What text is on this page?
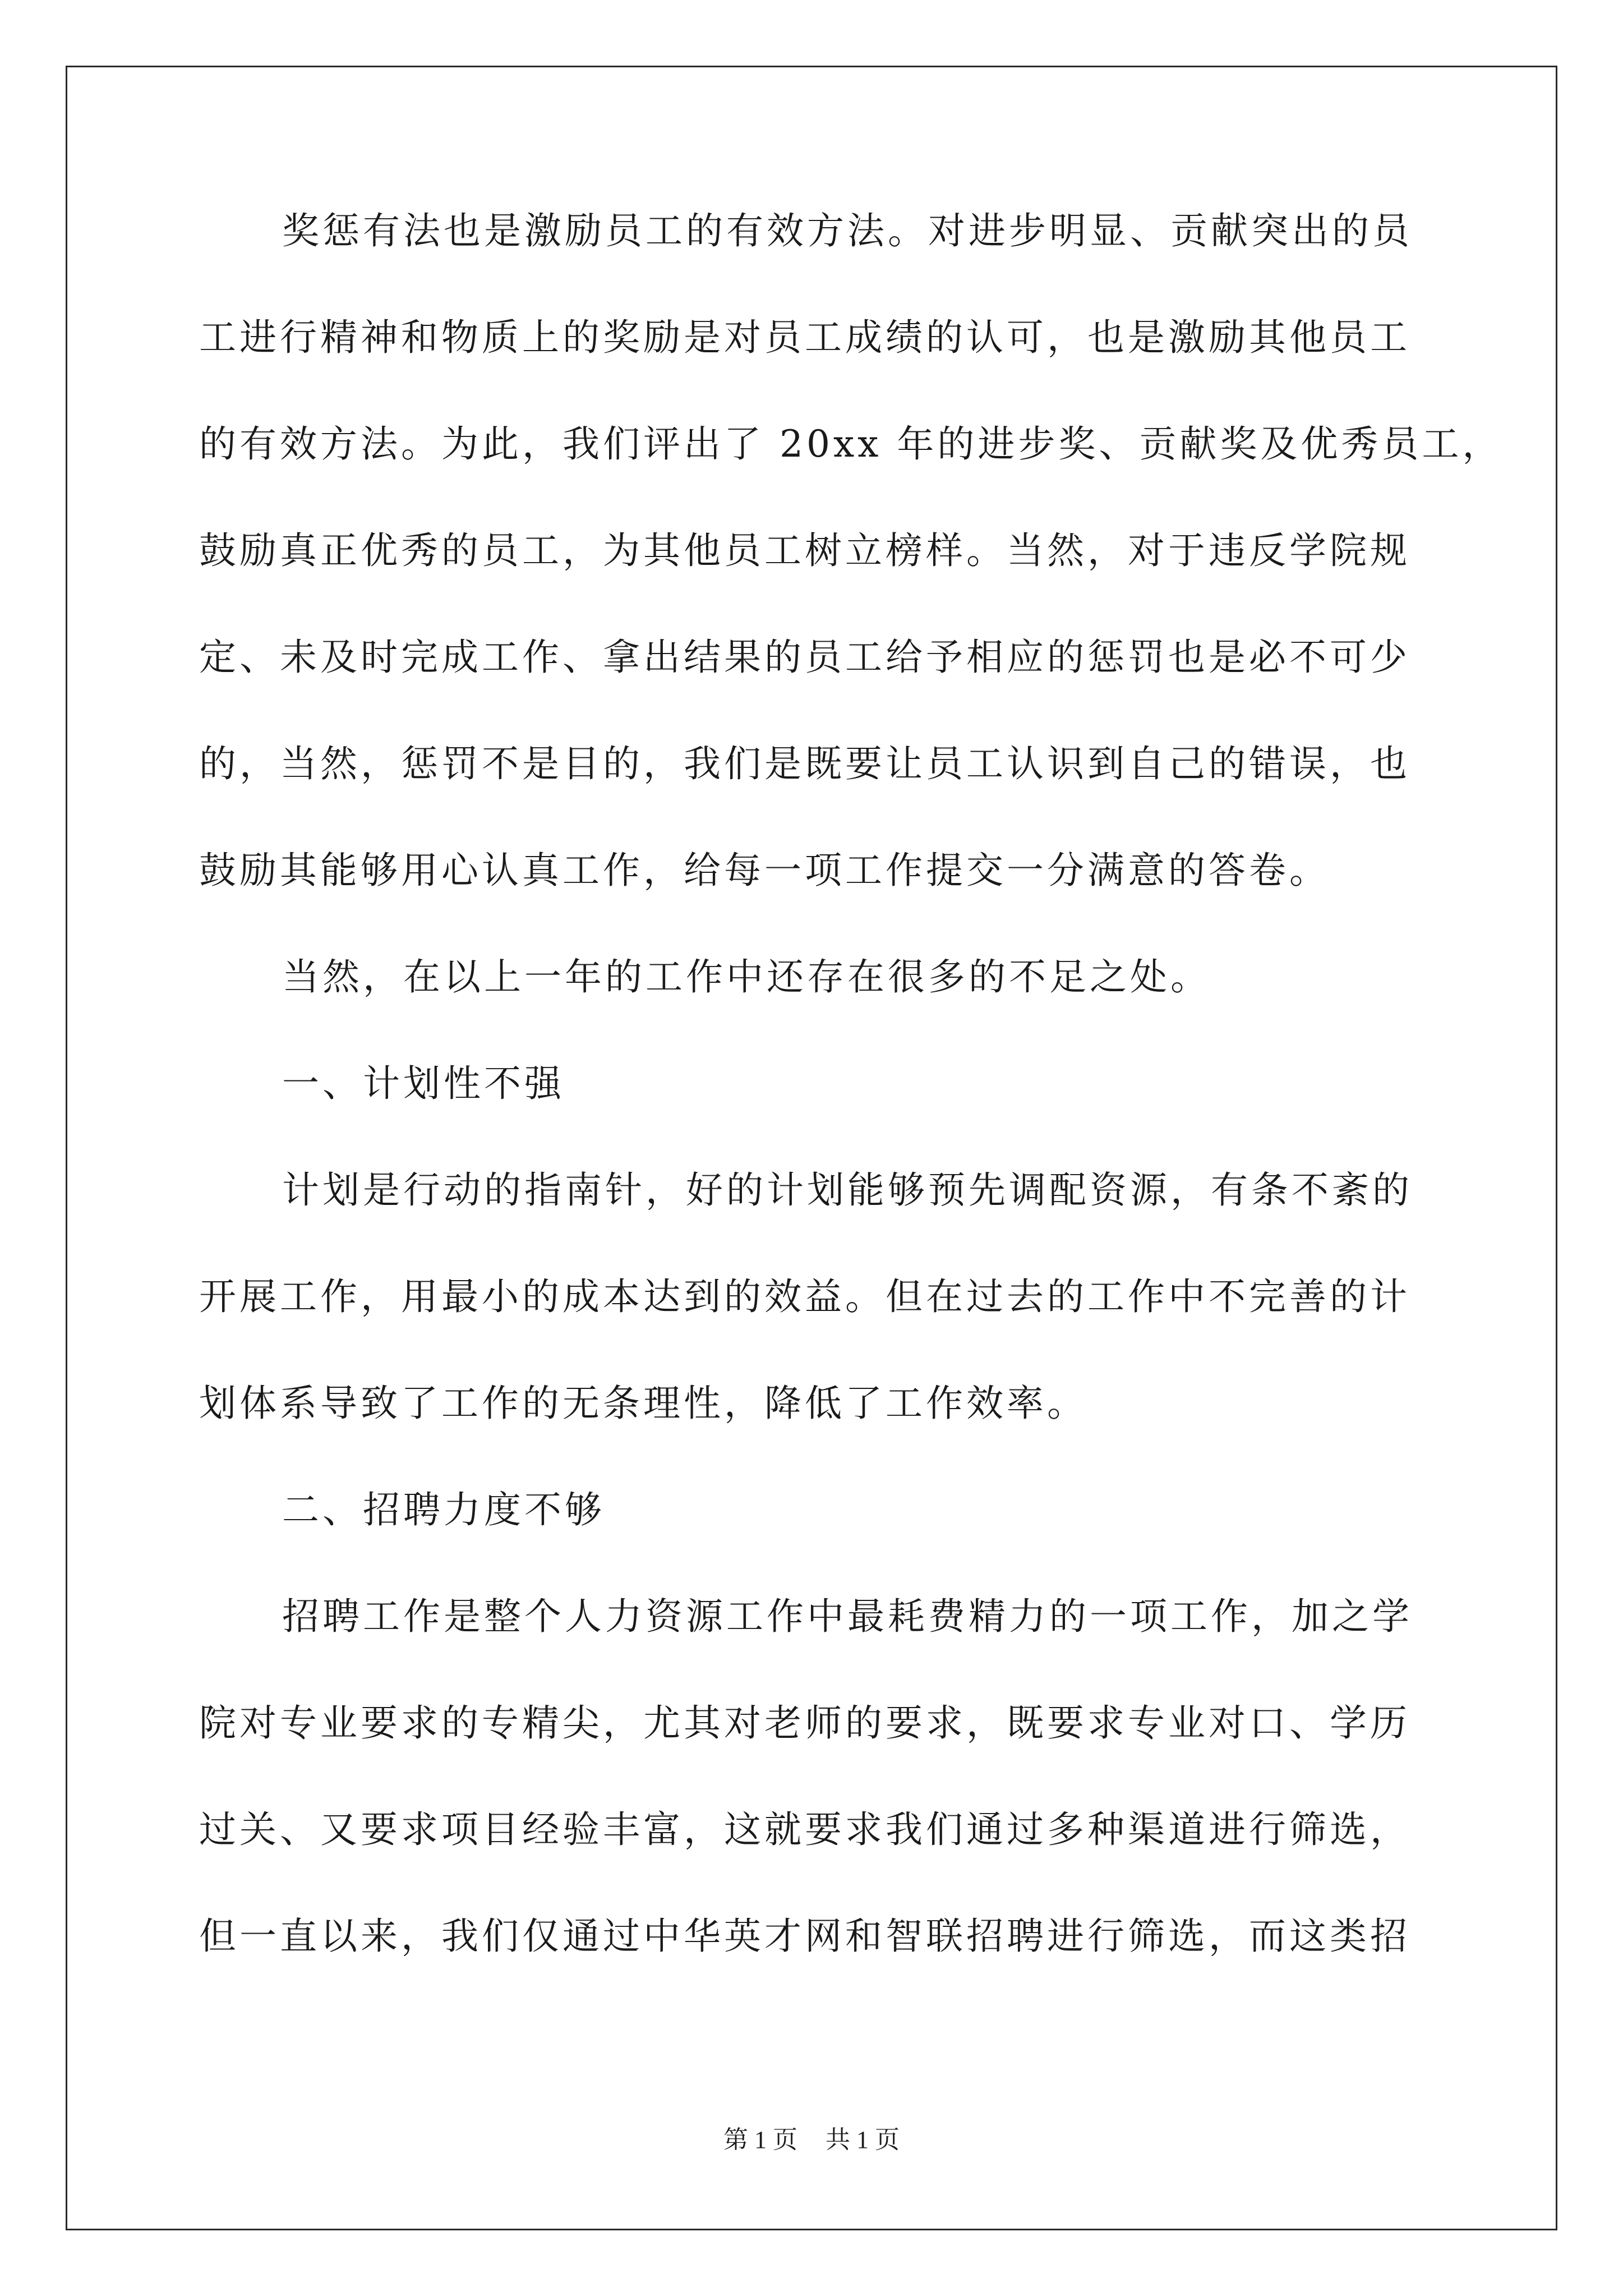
奖惩有法也是激励员工的有效方法。对进步明显、贡献突出的员
工进行精神和物质上的奖励是对员工成绩的认可，也是激励其他员工
的有效方法。为此，我们评出了 20xx 年的进步奖、贡献奖及优秀员工，
鼓励真正优秀的员工，为其他员工树立榜样。当然，对于违反学院规
定、未及时完成工作、拿出结果的员工给予相应的惩罚也是必不可少
的，当然，惩罚不是目的，我们是既要让员工认识到自己的错误，也
鼓励其能够用心认真工作，给每一项工作提交一分满意的答卷。
当然，在以上一年的工作中还存在很多的不足之处。
一、计划性不强
计划是行动的指南针，好的计划能够预先调配资源，有条不紊的
开展工作，用最小的成本达到的效益。但在过去的工作中不完善的计
划体系导致了工作的无条理性，降低了工作效率。
二、招聘力度不够
招聘工作是整个人力资源工作中最耗费精力的一项工作，加之学
院对专业要求的专精尖，尤其对老师的要求，既要求专业对口、学历
过关、又要求项目经验丰富，这就要求我们通过多种渠道进行筛选，
但一直以来，我们仅通过中华英才网和智联招聘进行筛选，而这类招
第 1 页 共 1 页
